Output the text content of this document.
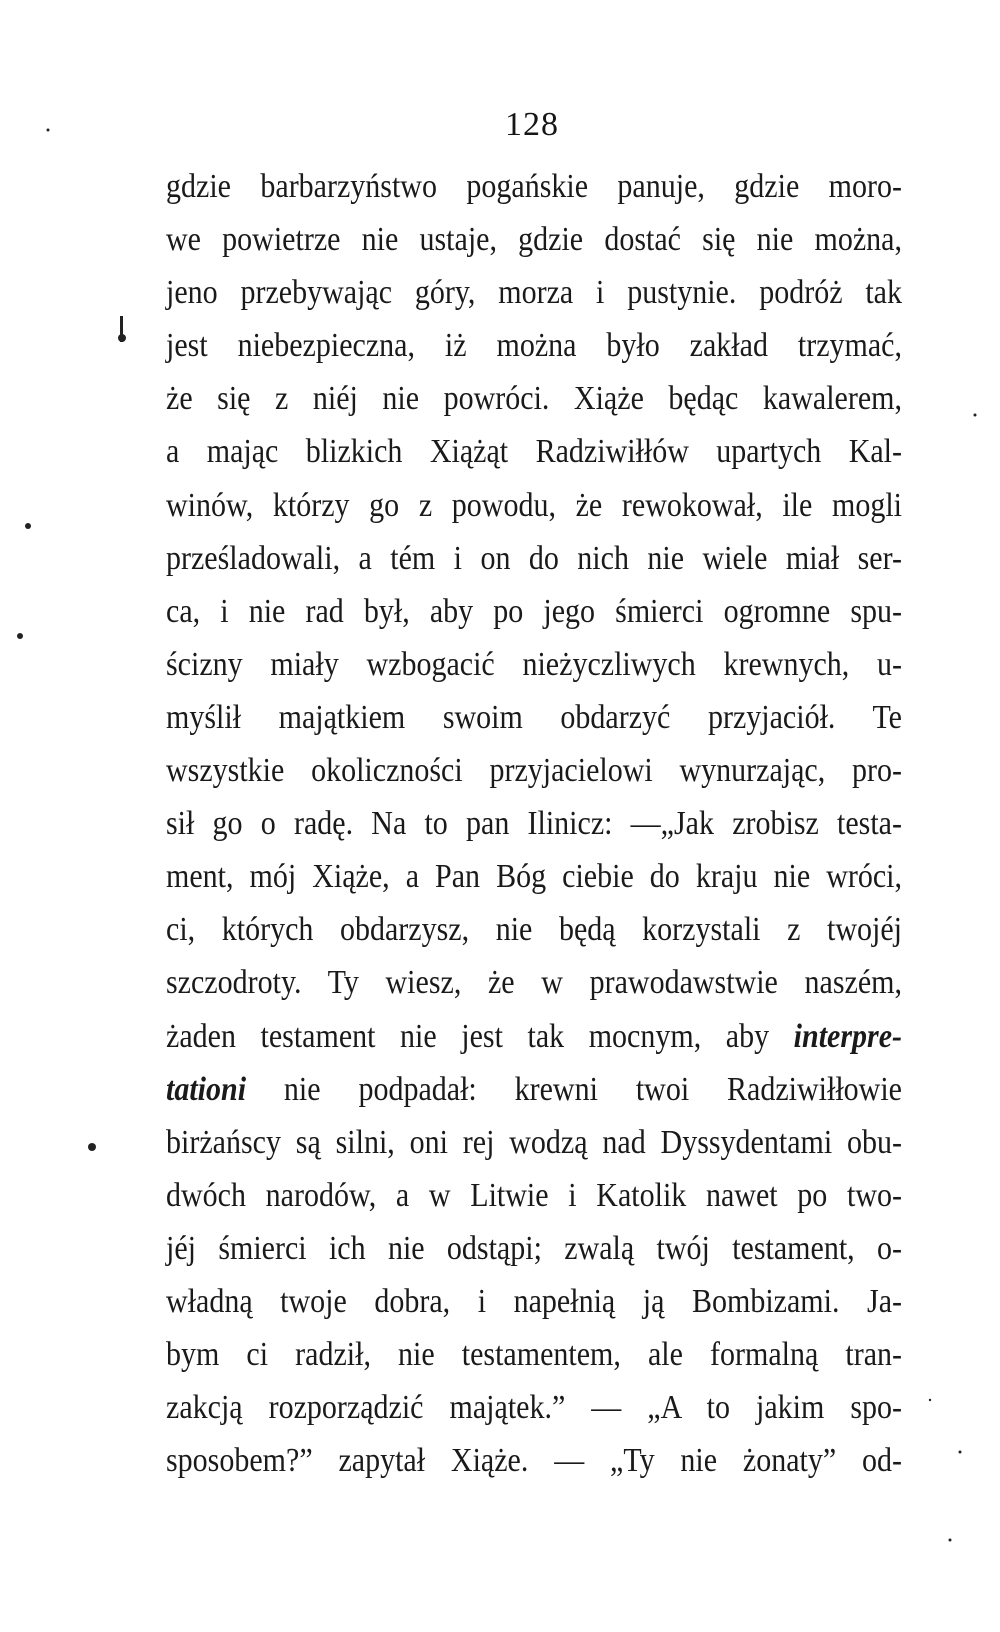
128
gdzie barbarzyństwo pogańskie panuje, gdzie moro-
we powietrze nie ustaje, gdzie dostać się nie można,
jeno przebywając góry, morza i pustynie. podróż tak
jest niebezpieczna, iż można było zakład trzymać,
że się z niéj nie powróci. Xiąże będąc kawalerem,
a mając blizkich Xiążąt Radziwiłłów upartych Kal-
winów, którzy go z powodu, że rewokował, ile mogli
prześladowali, a tém i on do nich nie wiele miał ser-
ca, i nie rad był, aby po jego śmierci ogromne spu-
ścizny miały wzbogacić nieżyczliwych krewnych, u-
myślił majątkiem swoim obdarzyć przyjaciół. Te
wszystkie okoliczności przyjacielowi wynurzając, pro-
sił go o radę. Na to pan Ilinicz: —„Jak zrobisz testa-
ment, mój Xiąże, a Pan Bóg ciebie do kraju nie wróci,
ci, których obdarzysz, nie będą korzystali z twojéj
szczodroty. Ty wiesz, że w prawodawstwie naszém,
żaden testament nie jest tak mocnym, aby interpre-
tationi nie podpadał: krewni twoi Radziwiłłowie
birżańscy są silni, oni rej wodzą nad Dyssydentami obu-
dwóch narodów, a w Litwie i Katolik nawet po two-
jéj śmierci ich nie odstąpi; zwalą twój testament, o-
władną twoje dobra, i napełnią ją Bombizami. Ja-
bym ci radził, nie testamentem, ale formalną tran-
zakcją rozporządzić majątek.” — „A to jakim spo-
sposobem?” zapytał Xiąże. — „Ty nie żonaty” od-
